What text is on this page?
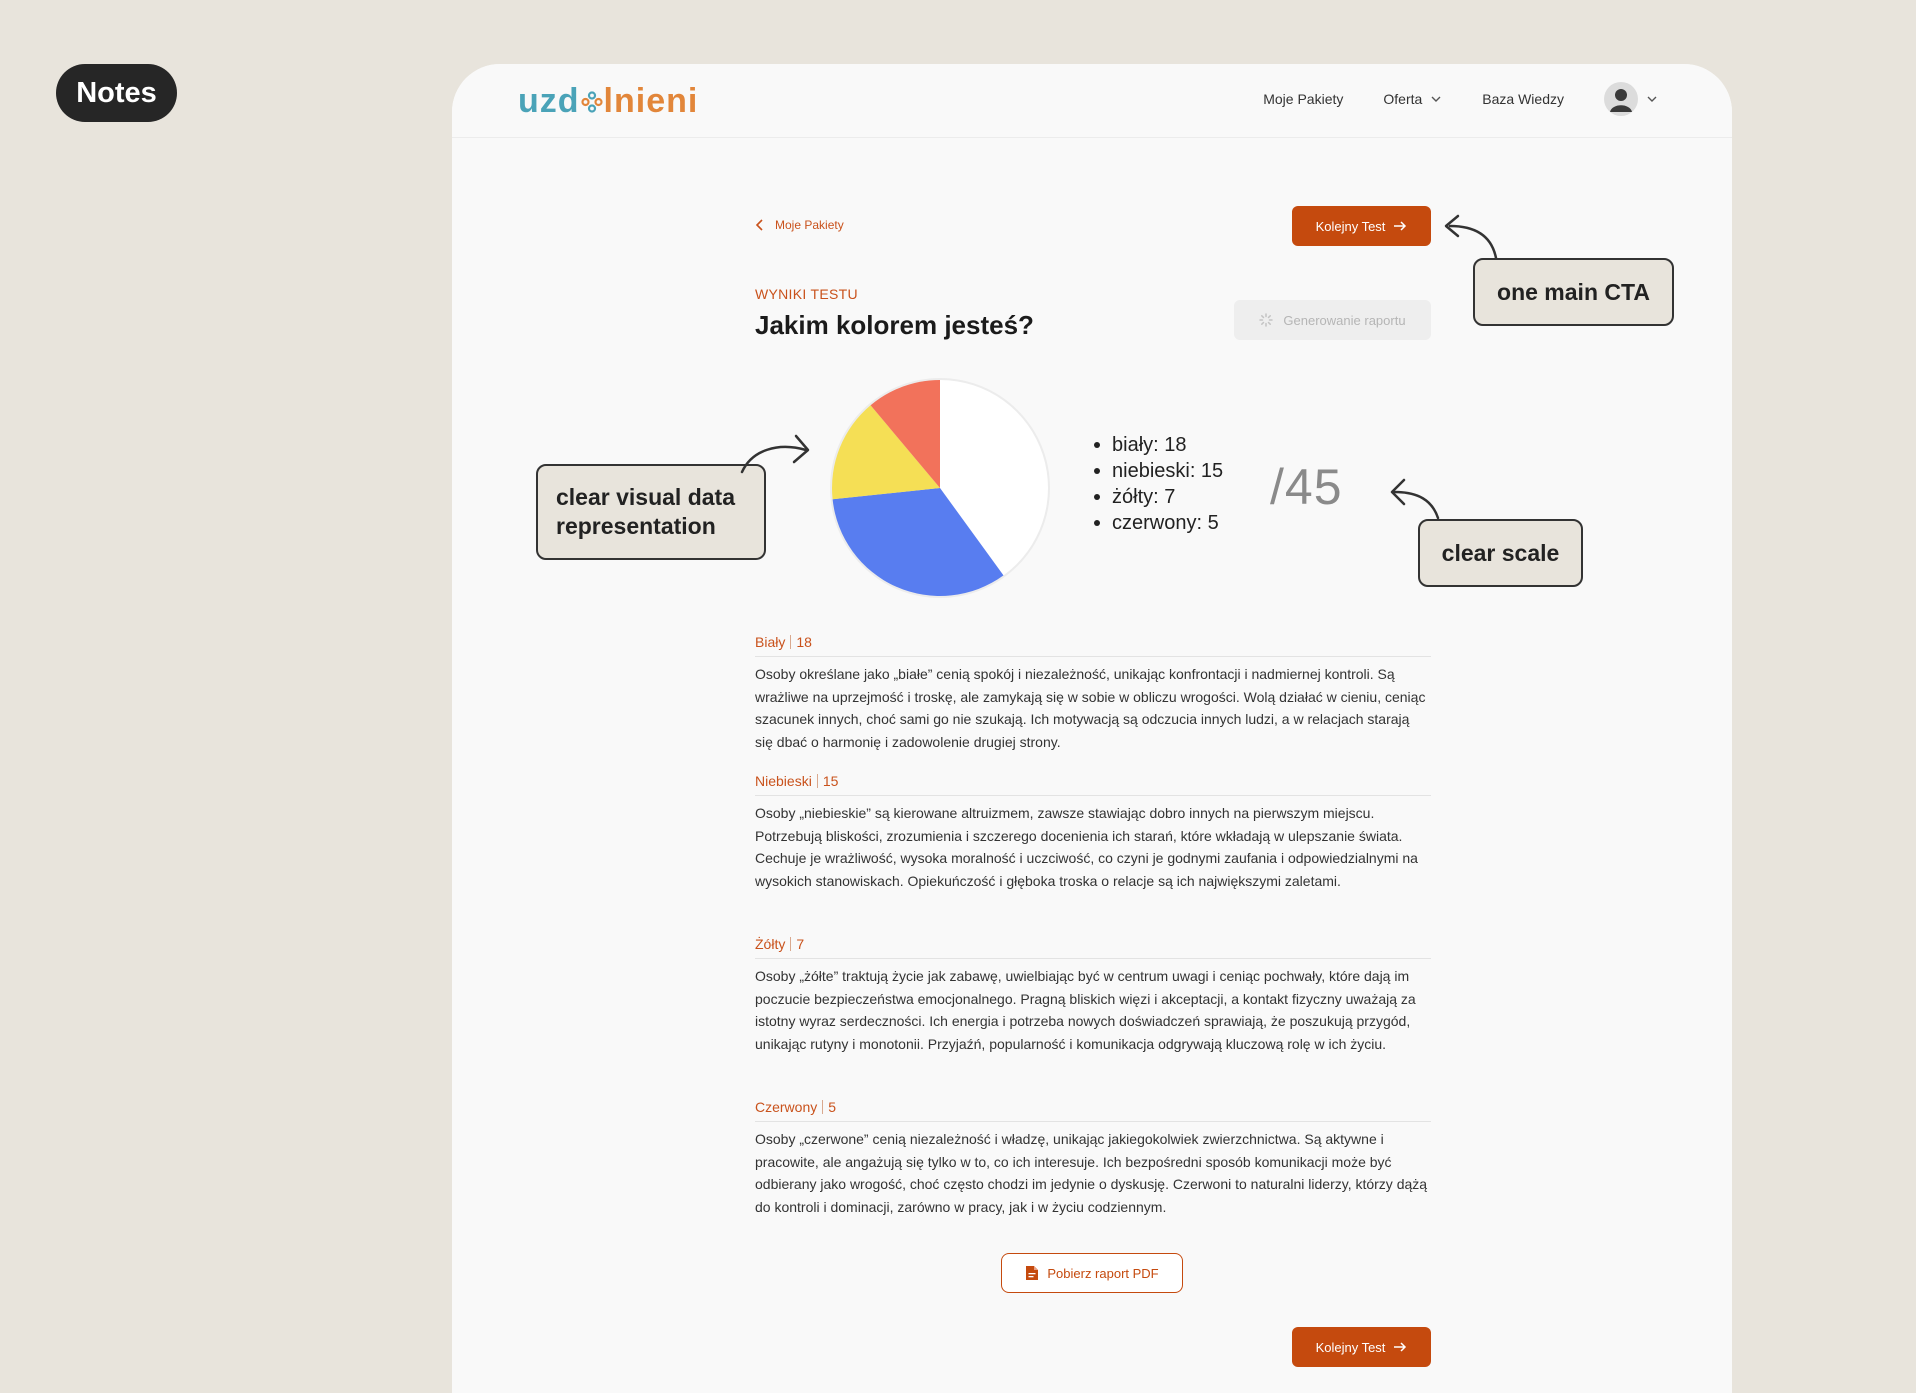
Notes	uzd lnieni	Moje Pakiety	Oferta	Baza Wiedzy
Moje Pakiety	Kolejny Test
WYNIKI TESTU
Jakim kolorem jesteś?	Generowanie raportu
biały: 18
niebieski: 15
żółty: 7
czerwony: 5
/45
Biały 18

Osoby określane jako „białe” cenią spokój i niezależność, unikając konfrontacji i nadmiernej kontroli. Są wrażliwe na uprzejmość i troskę, ale zamykają się w sobie w obliczu wrogości. Wolą działać w cieniu, ceniąc szacunek innych, choć sami go nie szukają. Ich motywacją są odczucia innych ludzi, a w relacjach starają się dbać o harmonię i zadowolenie drugiej strony.

Niebieski 15

Osoby „niebieskie” są kierowane altruizmem, zawsze stawiając dobro innych na pierwszym miejscu. Potrzebują bliskości, zrozumienia i szczerego docenienia ich starań, które wkładają w ulepszanie świata. Cechuje je wrażliwość, wysoka moralność i uczciwość, co czyni je godnymi zaufania i odpowiedzialnymi na wysokich stanowiskach. Opiekuńczość i głęboka troska o relacje są ich największymi zaletami.

Żółty 7

Osoby „żółte” traktują życie jak zabawę, uwielbiając być w centrum uwagi i ceniąc pochwały, które dają im poczucie bezpieczeństwa emocjonalnego. Pragną bliskich więzi i akceptacji, a kontakt fizyczny uważają za istotny wyraz serdeczności. Ich energia i potrzeba nowych doświadczeń sprawiają, że poszukują przygód, unikając rutyny i monotonii. Przyjaźń, popularność i komunikacja odgrywają kluczową rolę w ich życiu.

Czerwony 5

Osoby „czerwone” cenią niezależność i władzę, unikając jakiegokolwiek zwierzchnictwa. Są aktywne i pracowite, ale angażują się tylko w to, co ich interesuje. Ich bezpośredni sposób komunikacji może być odbierany jako wrogość, choć często chodzi im jedynie o dyskusję. Czerwoni to naturalni liderzy, którzy dążą do kontroli i dominacji, zarówno w pracy, jak i w życiu codziennym.

Pobierz raport PDF
Kolejny Test
one main CTA
clear visual data representation
clear scale
